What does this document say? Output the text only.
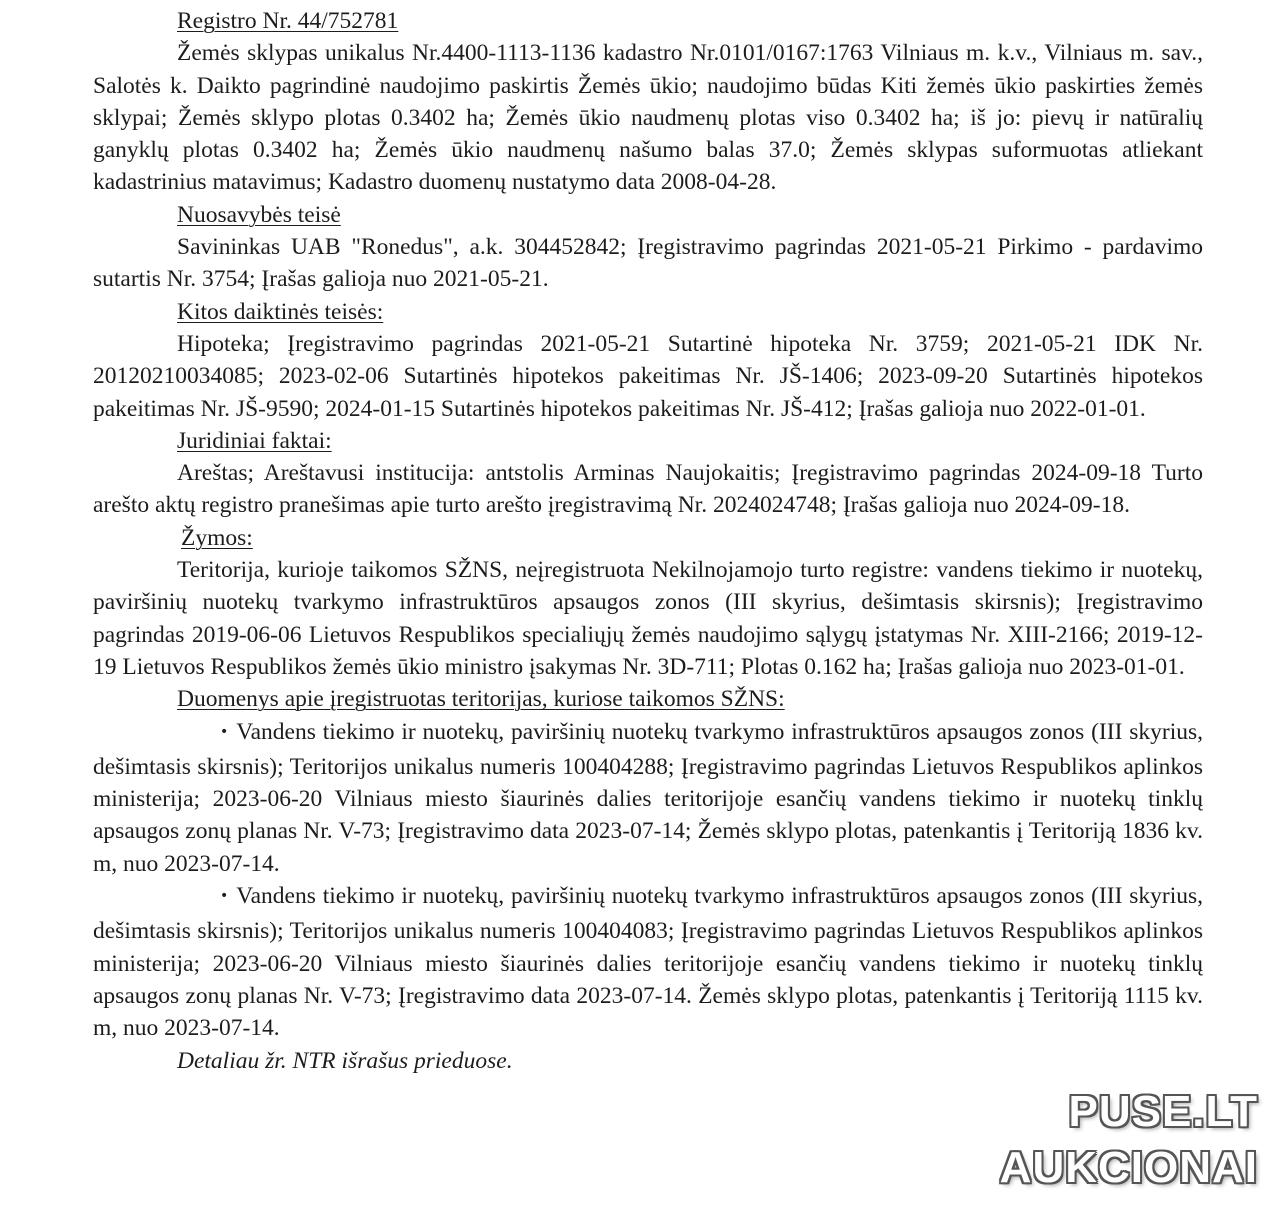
Registro Nr. 44/752781

Žemės sklypas unikalus Nr.4400-1113-1136 kadastro Nr.0101/0167:1763 Vilniaus m. k.v., Vilniaus m. sav., Salotės k. Daikto pagrindinė naudojimo paskirtis Žemės ūkio; naudojimo būdas Kiti žemės ūkio paskirties žemės sklypai; Žemės sklypo plotas 0.3402 ha; Žemės ūkio naudmenų plotas viso 0.3402 ha; iš jo: pievų ir natūralių ganyklų plotas 0.3402 ha; Žemės ūkio naudmenų našumo balas 37.0; Žemės sklypas suformuotas atliekant kadastrinius matavimus; Kadastro duomenų nustatymo data 2008-04-28.

Nuosavybės teisė

Savininkas UAB "Ronedus", a.k. 304452842; Įregistravimo pagrindas 2021-05-21 Pirkimo - pardavimo sutartis Nr. 3754; Įrašas galioja nuo 2021-05-21.

Kitos daiktinės teisės:

Hipoteka; Įregistravimo pagrindas 2021-05-21 Sutartinė hipoteka Nr. 3759; 2021-05-21 IDK Nr. 20120210034085; 2023-02-06 Sutartinės hipotekos pakeitimas Nr. JŠ-1406; 2023-09-20 Sutartinės hipotekos pakeitimas Nr. JŠ-9590; 2024-01-15 Sutartinės hipotekos pakeitimas Nr. JŠ-412; Įrašas galioja nuo 2022-01-01.

Juridiniai faktai:

Areštas; Areštavusi institucija: antstolis Arminas Naujokaitis; Įregistravimo pagrindas 2024-09-18 Turto arešto aktų registro pranešimas apie turto arešto įregistravimą Nr. 2024024748; Įrašas galioja nuo 2024-09-18.

Žymos:

Teritorija, kurioje taikomos SŽNS, neįregistruota Nekilnojamojo turto registre: vandens tiekimo ir nuotekų, paviršinių nuotekų tvarkymo infrastruktūros apsaugos zonos (III skyrius, dešimtasis skirsnis); Įregistravimo pagrindas 2019-06-06 Lietuvos Respublikos specialiųjų žemės naudojimo sąlygų įstatymas Nr. XIII-2166; 2019-12-19 Lietuvos Respublikos žemės ūkio ministro įsakymas Nr. 3D-711; Plotas 0.162 ha; Įrašas galioja nuo 2023-01-01.

Duomenys apie įregistruotas teritorijas, kuriose taikomos SŽNS:

• Vandens tiekimo ir nuotekų, paviršinių nuotekų tvarkymo infrastruktūros apsaugos zonos (III skyrius, dešimtasis skirsnis); Teritorijos unikalus numeris 100404288; Įregistravimo pagrindas Lietuvos Respublikos aplinkos ministerija; 2023-06-20 Vilniaus miesto šiaurinės dalies teritorijoje esančių vandens tiekimo ir nuotekų tinklų apsaugos zonų planas Nr. V-73; Įregistravimo data 2023-07-14; Žemės sklypo plotas, patenkantis į Teritoriją 1836 kv. m, nuo 2023-07-14.

• Vandens tiekimo ir nuotekų, paviršinių nuotekų tvarkymo infrastruktūros apsaugos zonos (III skyrius, dešimtasis skirsnis); Teritorijos unikalus numeris 100404083; Įregistravimo pagrindas Lietuvos Respublikos aplinkos ministerija; 2023-06-20 Vilniaus miesto šiaurinės dalies teritorijoje esančių vandens tiekimo ir nuotekų tinklų apsaugos zonų planas Nr. V-73; Įregistravimo data 2023-07-14. Žemės sklypo plotas, patenkantis į Teritoriją 1115 kv. m, nuo 2023-07-14.

Detaliau žr. NTR išrašus prieduose.
PUSE.LT
AUKCIONAI
